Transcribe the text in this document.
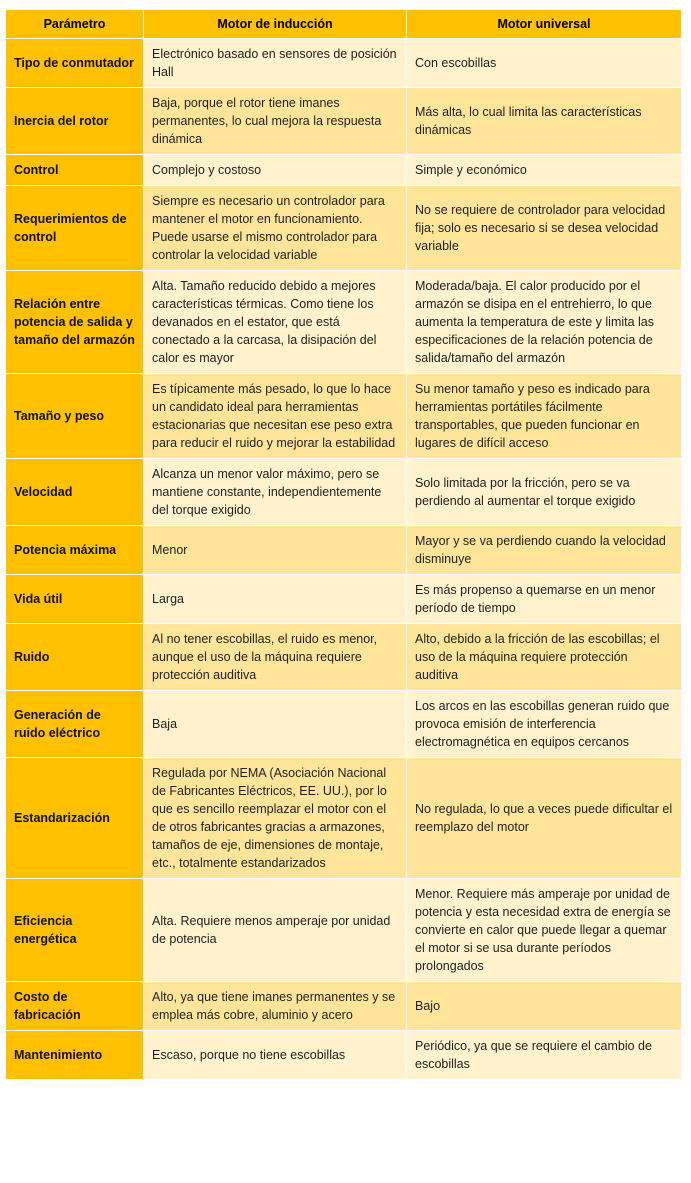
Parámetro	Motor de inducción	Motor universal
Tipo de conmutador	Electrónico basado en sensores de posición Hall	Con escobillas
Inercia del rotor	Baja, porque el rotor tiene imanes permanentes, lo cual mejora la respuesta dinámica	Más alta, lo cual limita las características dinámicas
Control	Complejo y costoso	Simple y económico
Requerimientos de control	Siempre es necesario un controlador para mantener el motor en funcionamiento. Puede usarse el mismo controlador para controlar la velocidad variable	No se requiere de controlador para velocidad fija; solo es necesario si se desea velocidad variable
Relación entre potencia de salida y tamaño del armazón	Alta. Tamaño reducido debido a mejores características térmicas. Como tiene los devanados en el estator, que está conectado a la carcasa, la disipación del calor es mayor	Moderada/baja. El calor producido por el armazón se disipa en el entrehierro, lo que aumenta la temperatura de este y limita las especificaciones de la relación potencia de salida/tamaño del armazón
Tamaño y peso	Es típicamente más pesado, lo que lo hace un candidato ideal para herramientas estacionarias que necesitan ese peso extra para reducir el ruido y mejorar la estabilidad	Su menor tamaño y peso es indicado para herramientas portátiles fácilmente transportables, que pueden funcionar en lugares de difícil acceso
Velocidad	Alcanza un menor valor máximo, pero se mantiene constante, independientemente del torque exigido	Solo limitada por la fricción, pero se va perdiendo al aumentar el torque exigido
Potencia máxima	Menor	Mayor y se va perdiendo cuando la velocidad disminuye
Vida útil	Larga	Es más propenso a quemarse en un menor período de tiempo
Ruido	Al no tener escobillas, el ruido es menor, aunque el uso de la máquina requiere protección auditiva	Alto, debido a la fricción de las escobillas; el uso de la máquina requiere protección auditiva
Generación de ruido eléctrico	Baja	Los arcos en las escobillas generan ruido que provoca emisión de interferencia electromagnética en equipos cercanos
Estandarización	Regulada por NEMA (Asociación Nacional de Fabricantes Eléctricos, EE. UU.), por lo que es sencillo reemplazar el motor con el de otros fabricantes gracias a armazones, tamaños de eje, dimensiones de montaje, etc., totalmente estandarizados	No regulada, lo que a veces puede dificultar el reemplazo del motor
Eficiencia energética	Alta. Requiere menos amperaje por unidad de potencia	Menor. Requiere más amperaje por unidad de potencia y esta necesidad extra de energía se convierte en calor que puede llegar a quemar el motor si se usa durante períodos prolongados
Costo de fabricación	Alto, ya que tiene imanes permanentes y se emplea más cobre, aluminio y acero	Bajo
Mantenimiento	Escaso, porque no tiene escobillas	Periódico, ya que se requiere el cambio de escobillas
